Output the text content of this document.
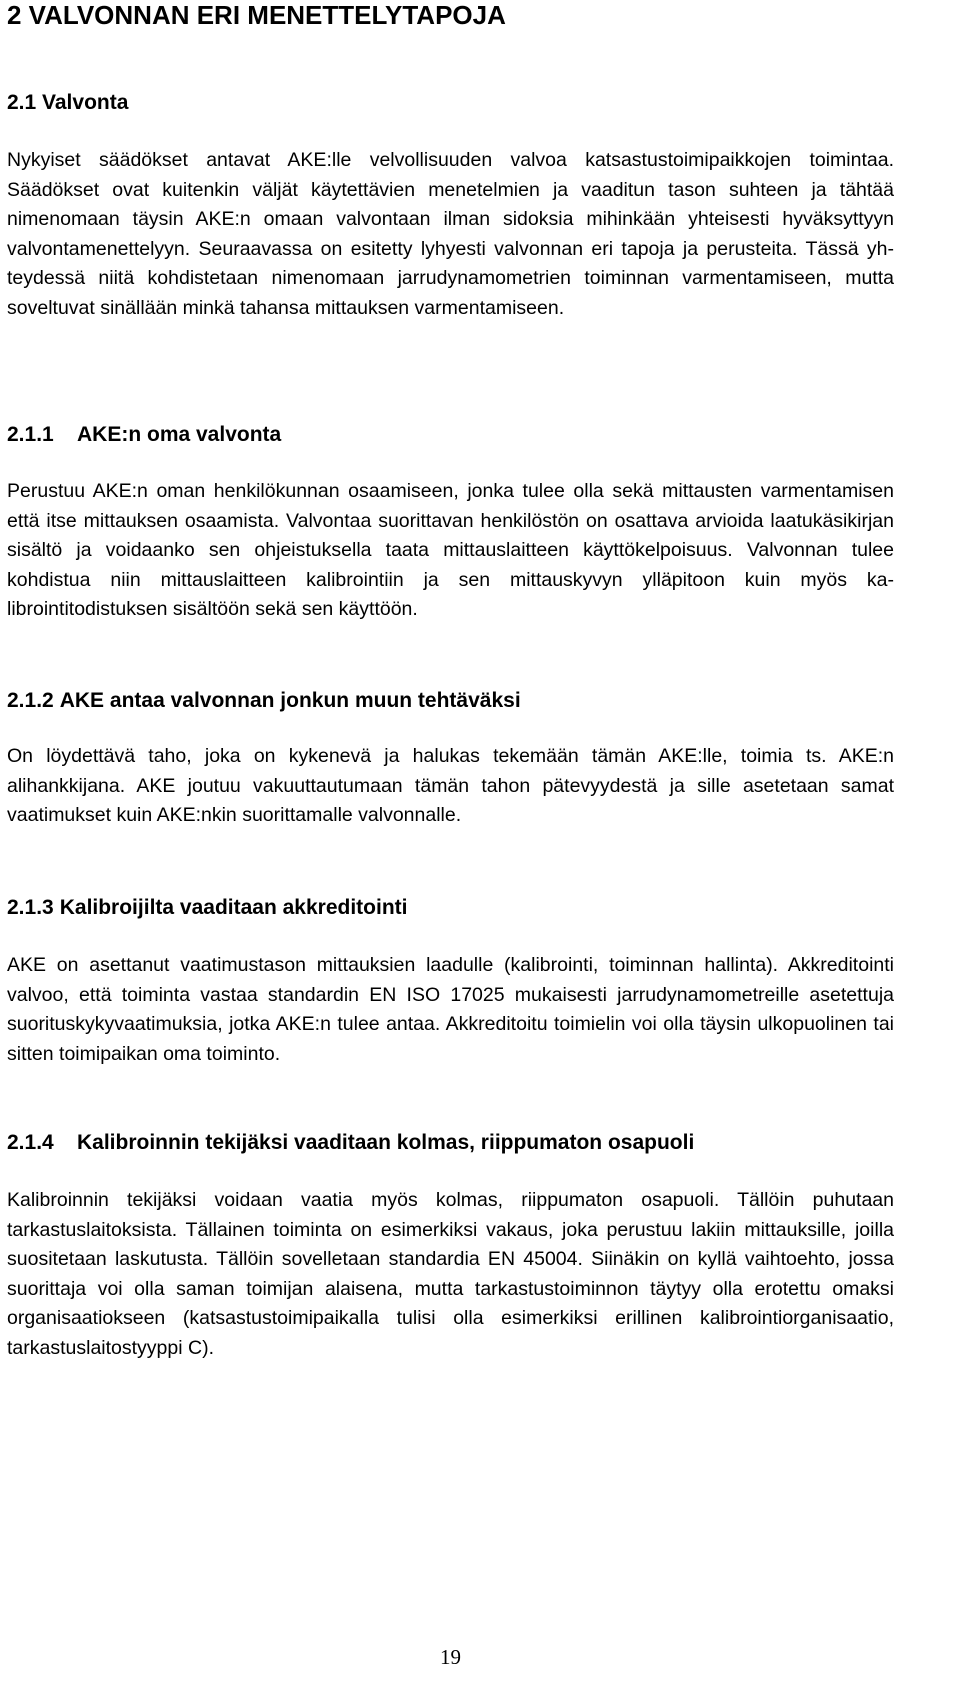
2 VALVONNAN ERI MENETTELYTAPOJA
2.1 Valvonta

Nykyiset säädökset antavat AKE:lle velvollisuuden valvoa katsastustoimipaikkojen toimintaa. Säädökset ovat kuitenkin väljät käytettävien menetelmien ja vaaditun tason suhteen ja tähtää nimenomaan täysin AKE:n omaan valvontaan ilman sidoksia mihinkään yhteisesti hyväksyttyyn valvontamenettelyyn. Seuraavassa on esitetty lyhyesti valvonnan eri tapoja ja perusteita. Tässä yhteydessä niitä kohdistetaan nimenomaan jarrudynamometrien toiminnan varmentamiseen, mutta soveltuvat sinällään minkä tahansa mittauksen varmentamiseen.

2.1.1 AKE:n oma valvonta

Perustuu AKE:n oman henkilökunnan osaamiseen, jonka tulee olla sekä mittausten varmentamisen että itse mittauksen osaamista. Valvontaa suorittavan henkilöstön on osattava arvioida laatukäsikirjan sisältö ja voidaanko sen ohjeistuksella taata mittauslaitteen käyttökelpoisuus. Valvonnan tulee kohdistua niin mittauslaitteen kalibrointiin ja sen mittauskyvyn ylläpitoon kuin myös kalibrointitodistuksen sisältöön sekä sen käyttöön.

2.1.2 AKE antaa valvonnan jonkun muun tehtäväksi

On löydettävä taho, joka on kykenevä ja halukas tekemään tämän AKE:lle, toimia ts. AKE:n alihankkijana. AKE joutuu vakuuttautumaan tämän tahon pätevyydestä ja sille asetetaan samat vaatimukset kuin AKE:nkin suorittamalle valvonnalle.

2.1.3 Kalibroijilta vaaditaan akkreditointi

AKE on asettanut vaatimustason mittauksien laadulle (kalibrointi, toiminnan hallinta). Akkreditointi valvoo, että toiminta vastaa standardin EN ISO 17025 mukaisesti jarrudynamometreille asetettuja suorituskykyvaatimuksia, jotka AKE:n tulee antaa. Akkreditoitu toimielin voi olla täysin ulkopuolinen tai sitten toimipaikan oma toiminto.

2.1.4 Kalibroinnin tekijäksi vaaditaan kolmas, riippumaton osapuoli

Kalibroinnin tekijäksi voidaan vaatia myös kolmas, riippumaton osapuoli. Tällöin puhutaan tarkastuslaitoksista. Tällainen toiminta on esimerkiksi vakaus, joka perustuu lakiin mittauksille, joilla suositetaan laskutusta. Tällöin sovelletaan standardia EN 45004. Siinäkin on kyllä vaihtoehto, jossa suorittaja voi olla saman toimijan alaisena, mutta tarkastustoiminnon täytyy olla erotettu omaksi organisaatiokseen (katsastustoimipaikalla tulisi olla esimerkiksi erillinen kalibrointiorganisaatio, tarkastuslaitostyyppi C).

19
